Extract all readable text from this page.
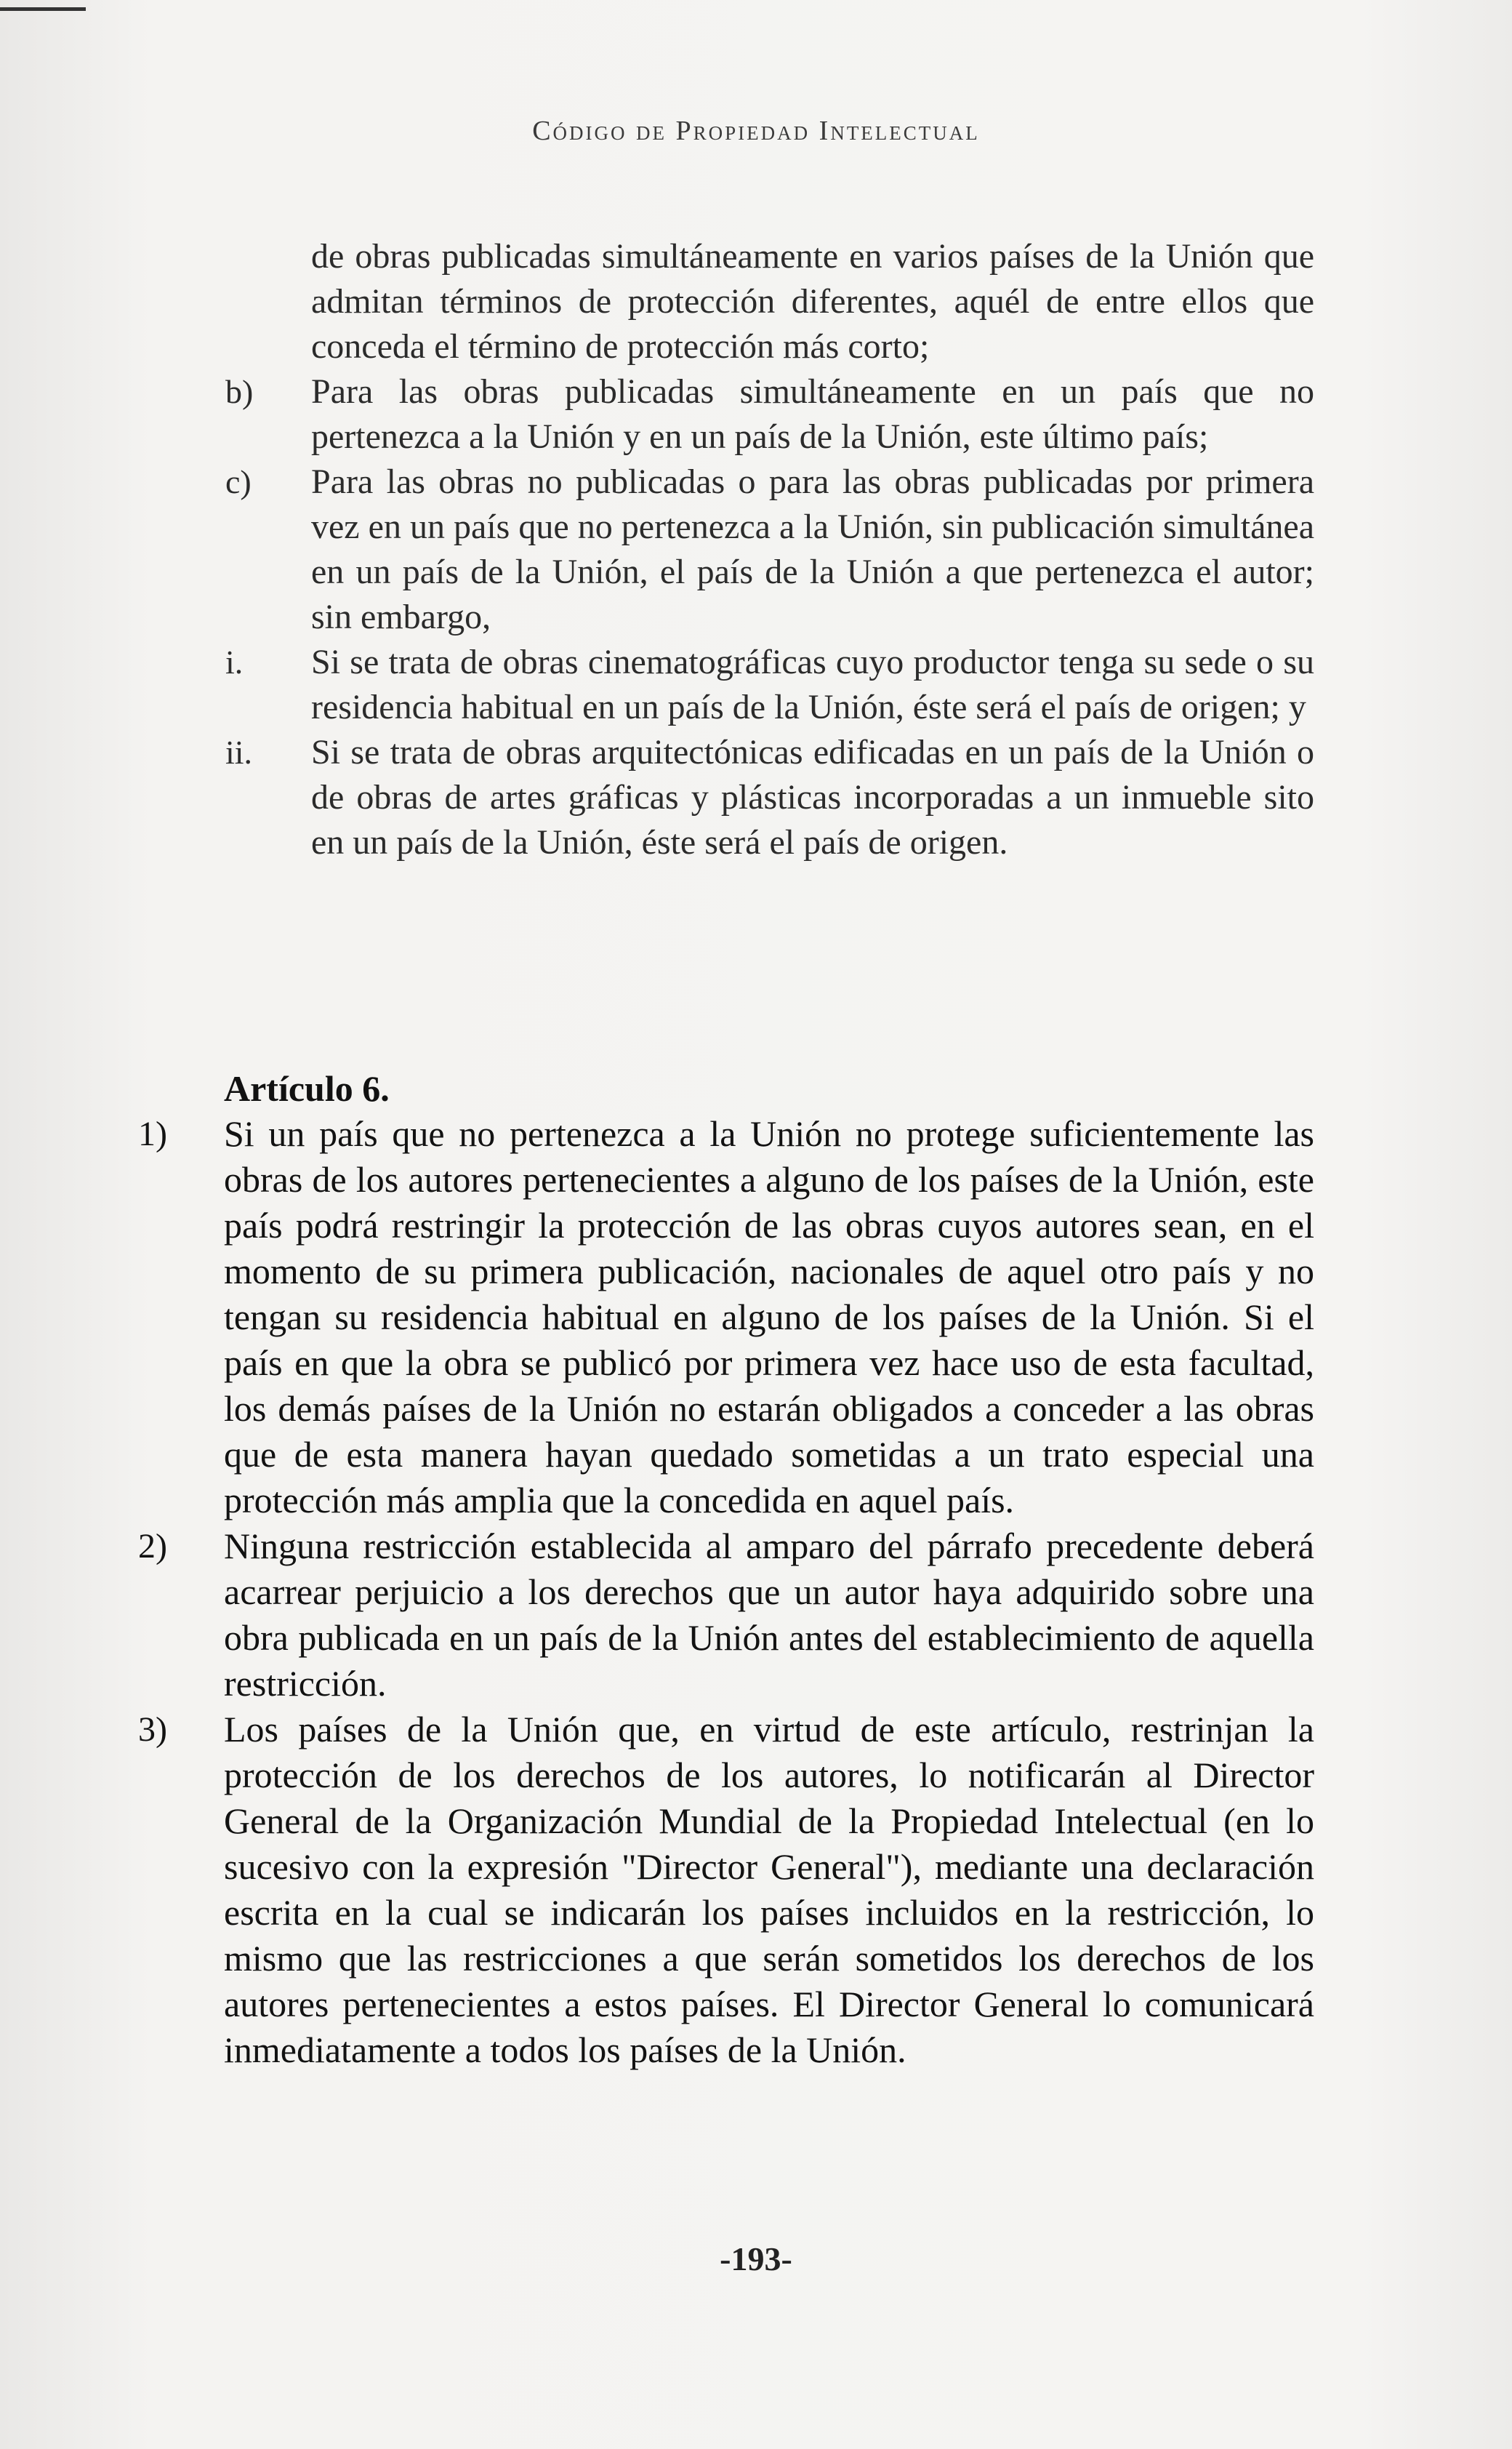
Código de Propiedad Intelectual
de obras publicadas simultáneamente en varios países de la Unión que admitan términos de protección diferentes, aquél de entre ellos que conceda el término de protección más corto;
b) Para las obras publicadas simultáneamente en un país que no pertenezca a la Unión y en un país de la Unión, este último país;
c) Para las obras no publicadas o para las obras publicadas por primera vez en un país que no pertenezca a la Unión, sin publicación simultánea en un país de la Unión, el país de la Unión a que pertenezca el autor; sin embargo,
i. Si se trata de obras cinematográficas cuyo productor tenga su sede o su residencia habitual en un país de la Unión, éste será el país de origen; y
ii. Si se trata de obras arquitectónicas edificadas en un país de la Unión o de obras de artes gráficas y plásticas incorporadas a un inmueble sito en un país de la Unión, éste será el país de origen.
Artículo 6.
1) Si un país que no pertenezca a la Unión no protege suficientemente las obras de los autores pertenecientes a alguno de los países de la Unión, este país podrá restringir la protección de las obras cuyos autores sean, en el momento de su primera publicación, nacionales de aquel otro país y no tengan su residencia habitual en alguno de los países de la Unión. Si el país en que la obra se publicó por primera vez hace uso de esta facultad, los demás países de la Unión no estarán obligados a conceder a las obras que de esta manera hayan quedado sometidas a un trato especial una protección más amplia que la concedida en aquel país.
2) Ninguna restricción establecida al amparo del párrafo precedente deberá acarrear perjuicio a los derechos que un autor haya adquirido sobre una obra publicada en un país de la Unión antes del establecimiento de aquella restricción.
3) Los países de la Unión que, en virtud de este artículo, restrinjan la protección de los derechos de los autores, lo notificarán al Director General de la Organización Mundial de la Propiedad Intelectual (en lo sucesivo con la expresión "Director General"), mediante una declaración escrita en la cual se indicarán los países incluidos en la restricción, lo mismo que las restricciones a que serán sometidos los derechos de los autores pertenecientes a estos países. El Director General lo comunicará inmediatamente a todos los países de la Unión.
-193-
